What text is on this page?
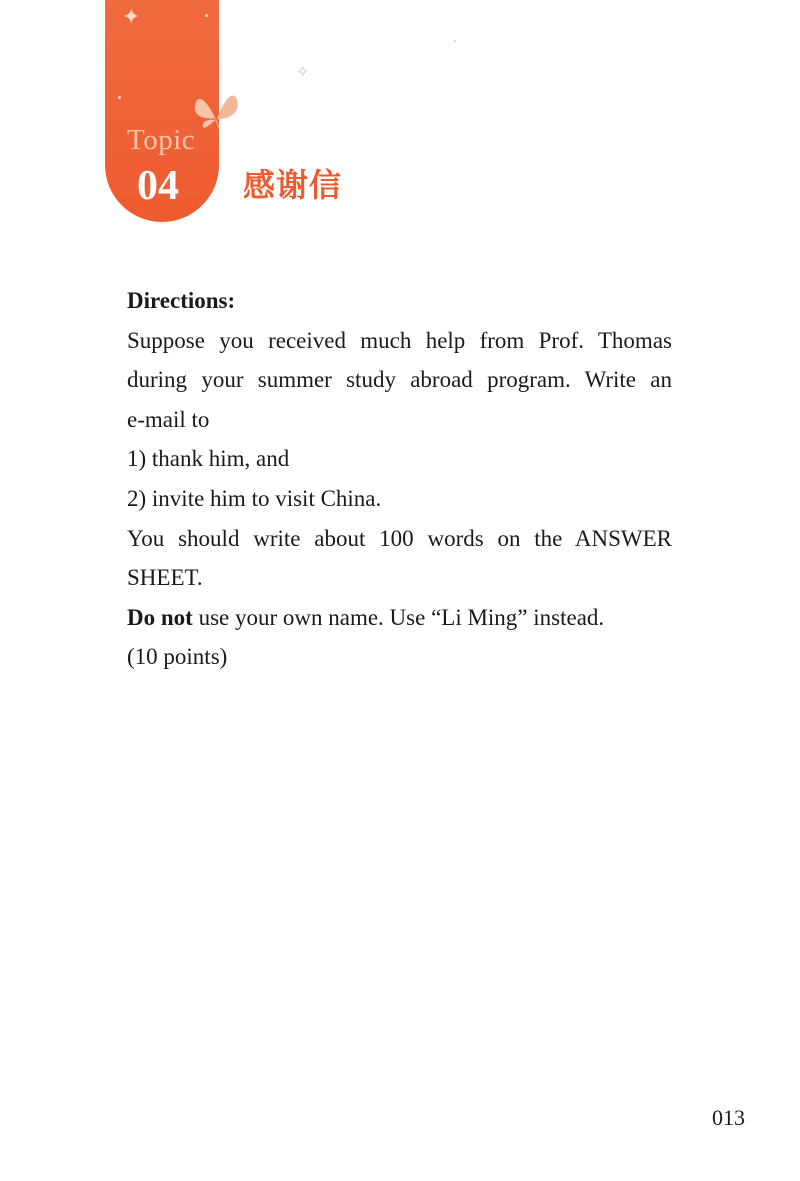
✦
Topic
04
✧
感谢信

Directions:

Suppose you received much help from Prof. Thomas

during your summer study abroad program. Write an

e-mail to

1) thank him, and

2) invite him to visit China.

You should write about 100 words on the ANSWER

SHEET.

Do not use your own name. Use “Li Ming” instead.

(10 points)

013
